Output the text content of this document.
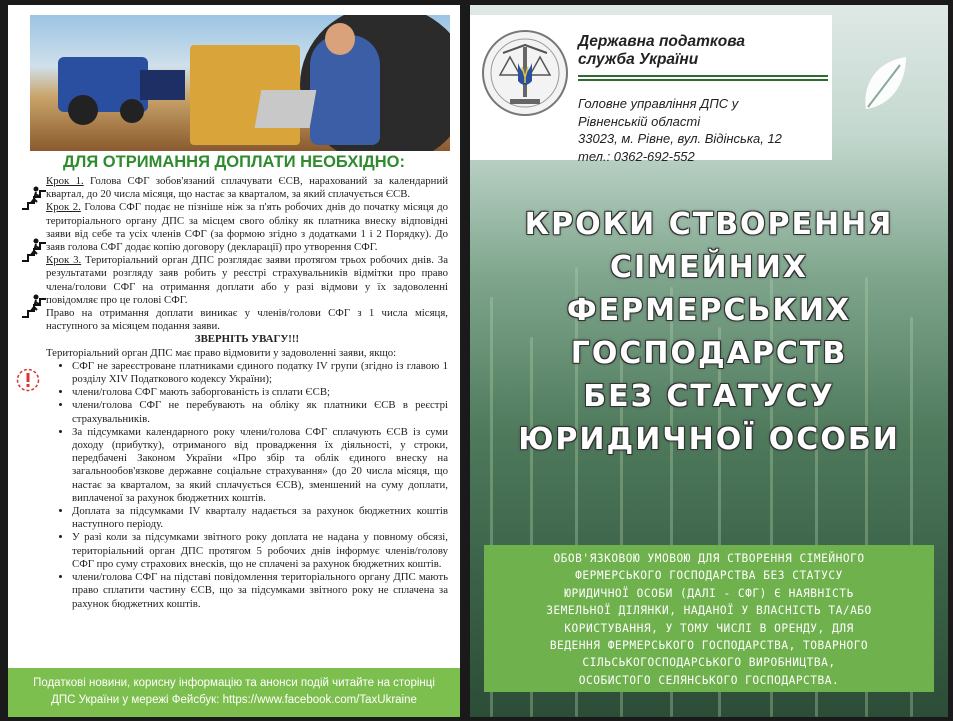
ДЛЯ ОТРИМАННЯ ДОПЛАТИ НЕОБХІДНО:

Крок 1. Голова СФГ зобов'язаний сплачувати ЄСВ, нарахований за календарний квартал, до 20 числа місяця, що настає за кварталом, за який сплачується ЄСВ.

Крок 2. Голова СФГ подає не пізніше ніж за п'ять робочих днів до початку місяця до територіального органу ДПС за місцем свого обліку як платника внеску відповідні заяви від себе та усіх членів СФГ (за формою згідно з додатками 1 і 2 Порядку). До заяв голова СФГ додає копію договору (декларації) про утворення СФГ.

Крок 3. Територіальний орган ДПС розглядає заяви протягом трьох робочих днів. За результатами розгляду заяв робить у реєстрі страхувальників відмітки про право члена/голови СФГ на отримання доплати або у разі відмови у їх задоволенні повідомляє про це голові СФГ.

Право на отримання доплати виникає у членів/голови СФГ з 1 числа місяця, наступного за місяцем подання заяви.

ЗВЕРНІТЬ УВАГУ!!!

Територіальний орган ДПС має право відмовити у задоволенні заяви, якщо:

• СФГ не зареєстроване платниками єдиного податку IV групи (згідно із главою 1 розділу XIV Податкового кодексу України);
• члени/голова СФГ мають заборгованість із сплати ЄСВ;
• члени/голова СФГ не перебувають на обліку як платники ЄСВ в реєстрі страхувальників.
• За підсумками календарного року члени/голова СФГ сплачують ЄСВ із суми доходу (прибутку), отриманого від провадження їх діяльності, у строки, передбачені Законом України «Про збір та облік єдиного внеску на загальнообов'язкове державне соціальне страхування» (до 20 числа місяця, що настає за кварталом, за який сплачується ЄСВ), зменшений на суму доплати, виплаченої за рахунок бюджетних коштів.
• Доплата за підсумками IV кварталу надається за рахунок бюджетних коштів наступного періоду.
• У разі коли за підсумками звітного року доплата не надана у повному обсязі, територіальний орган ДПС протягом 5 робочих днів інформує членів/голову СФГ про суму страхових внесків, що не сплачені за рахунок бюджетних коштів.
• члени/голова СФГ на підставі повідомлення територіального органу ДПС мають право сплатити частину ЄСВ, що за підсумками звітного року не сплачена за рахунок бюджетних коштів.
Податкові новини, корисну інформацію та анонси подій читайте на сторінці
ДПС України у мережі Фейсбук: https://www.facebook.com/TaxUkraine
Державна податкова
служба України
Головне управління ДПС у
Рівненській області
33023, м. Рівне, вул. Відінська, 12
тел.: 0362-692-552
КРОКИ СТВОРЕННЯ
СІМЕЙНИХ
ФЕРМЕРСЬКИХ
ГОСПОДАРСТВ
БЕЗ СТАТУСУ
ЮРИДИЧНОЇ ОСОБИ
ОБОВ'ЯЗКОВОЮ УМОВОЮ ДЛЯ СТВОРЕННЯ СІМЕЙНОГО
ФЕРМЕРСЬКОГО ГОСПОДАРСТВА БЕЗ СТАТУСУ
ЮРИДИЧНОЇ ОСОБИ (ДАЛІ - СФГ) Є НАЯВНІСТЬ
ЗЕМЕЛЬНОЇ ДІЛЯНКИ, НАДАНОЇ У ВЛАСНІСТЬ ТА/АБО
КОРИСТУВАННЯ, У ТОМУ ЧИСЛІ В ОРЕНДУ, ДЛЯ
ВЕДЕННЯ ФЕРМЕРСЬКОГО ГОСПОДАРСТВА, ТОВАРНОГО
СІЛЬСЬКОГОСПОДАРСЬКОГО ВИРОБНИЦТВА,
ОСОБИСТОГО СЕЛЯНСЬКОГО ГОСПОДАРСТВА.
